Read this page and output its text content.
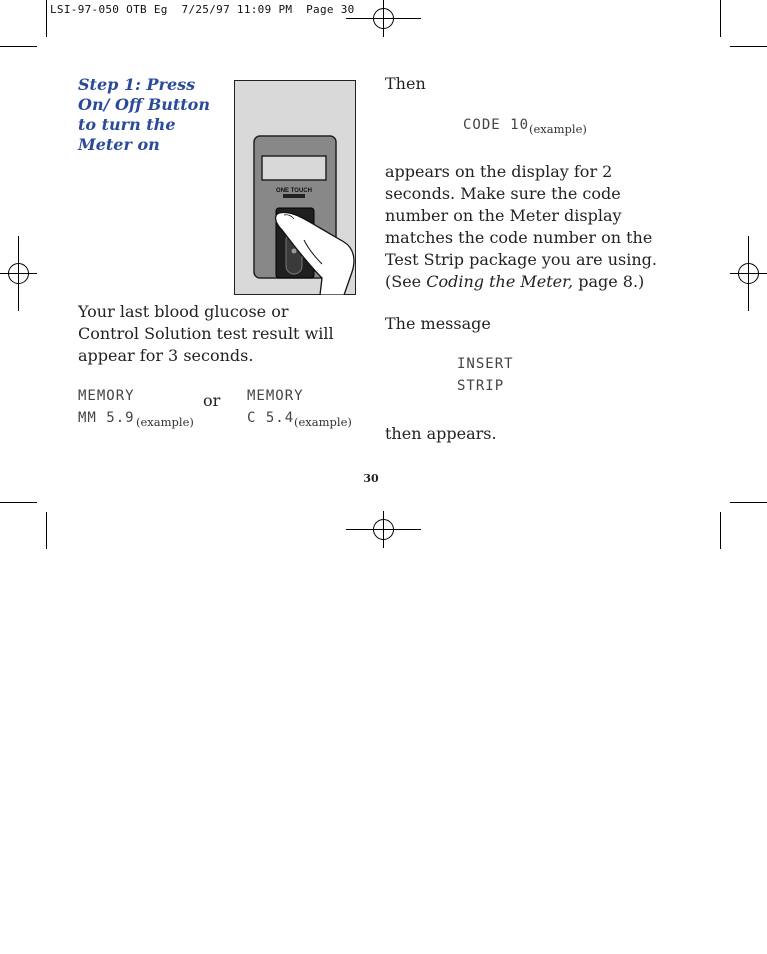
LSI-97-050 OTB Eg  7/25/97 11:09 PM  Page 30
Step 1: Press On/ Off Button to turn the Meter on
ONE TOUCH
Your last blood glucose or Control Solution test result will appear for 3 seconds.
MEMORY
MM 5.9 (example)
or MEMORY
C 5.4 (example)
Then
CODE 10 (example)
appears on the display for 2 seconds. Make sure the code number on the Meter display matches the code number on the Test Strip package you are using. (See Coding the Meter, page 8.)
The message
INSERT
STRIP
then appears.
30
